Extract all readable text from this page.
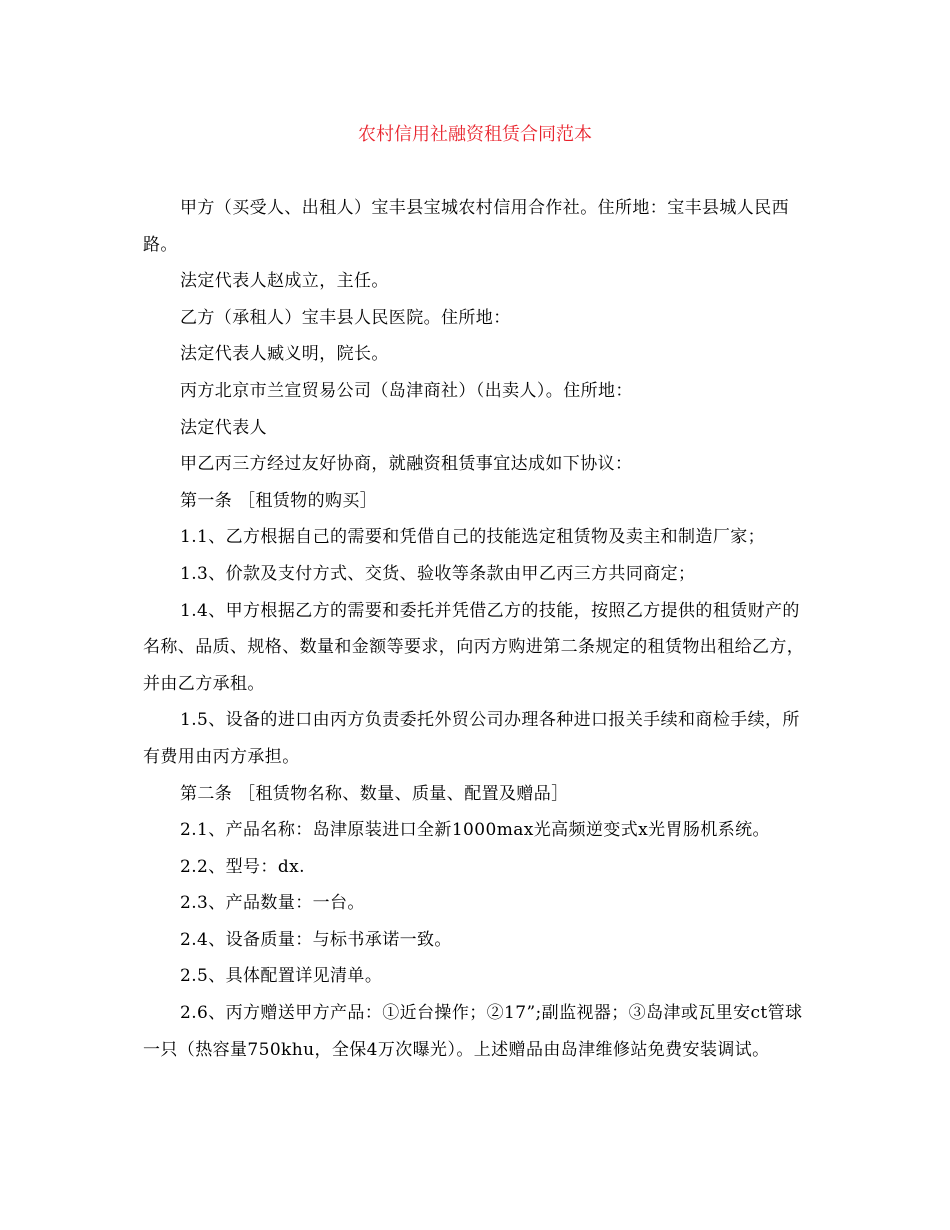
农村信用社融资租赁合同范本

甲方（买受人、出租人）宝丰县宝城农村信用合作社。住所地：宝丰县城人民西路。

法定代表人赵成立，主任。

乙方（承租人）宝丰县人民医院。住所地：

法定代表人臧义明，院长。

丙方北京市兰宣贸易公司（岛津商社）（出卖人）。住所地：

法定代表人

甲乙丙三方经过友好协商，就融资租赁事宜达成如下协议：

第一条 ［租赁物的购买］

1.1、乙方根据自己的需要和凭借自己的技能选定租赁物及卖主和制造厂家；

1.3、价款及支付方式、交货、验收等条款由甲乙丙三方共同商定；

1.4、甲方根据乙方的需要和委托并凭借乙方的技能，按照乙方提供的租赁财产的名称、品质、规格、数量和金额等要求，向丙方购进第二条规定的租赁物出租给乙方，并由乙方承租。

1.5、设备的进口由丙方负责委托外贸公司办理各种进口报关手续和商检手续，所有费用由丙方承担。

第二条 ［租赁物名称、数量、质量、配置及赠品］

2.1、产品名称：岛津原装进口全新1000max光高频逆变式x光胃肠机系统。

2.2、型号：dx.

2.3、产品数量：一台。

2.4、设备质量：与标书承诺一致。

2.5、具体配置详见清单。

2.6、丙方赠送甲方产品：①近台操作；②17”;副监视器；③岛津或瓦里安ct管球一只（热容量750khu，全保4万次曝光）。上述赠品由岛津维修站免费安装调试。
